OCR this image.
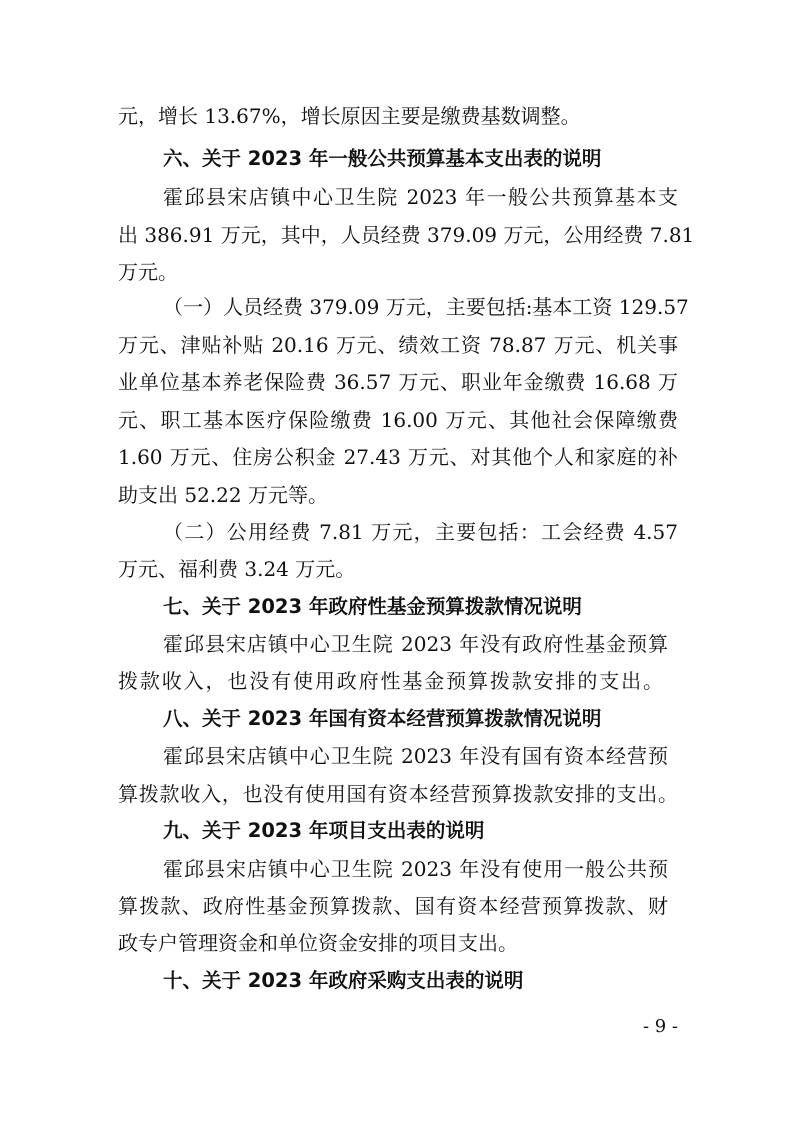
元，增长 13.67%，增长原因主要是缴费基数调整。
六、关于 2023 年一般公共预算基本支出表的说明
霍邱县宋店镇中心卫生院 2023 年一般公共预算基本支
出 386.91 万元，其中，人员经费 379.09 万元，公用经费 7.81
万元。
（一）人员经费 379.09 万元，主要包括:基本工资 129.57
万元、津贴补贴 20.16 万元、绩效工资 78.87 万元、机关事
业单位基本养老保险费 36.57 万元、职业年金缴费 16.68 万
元、职工基本医疗保险缴费 16.00 万元、其他社会保障缴费
1.60 万元、住房公积金 27.43 万元、对其他个人和家庭的补
助支出 52.22 万元等。
（二）公用经费 7.81 万元，主要包括：工会经费 4.57
万元、福利费 3.24 万元。
七、关于 2023 年政府性基金预算拨款情况说明
霍邱县宋店镇中心卫生院 2023 年没有政府性基金预算
拨款收入，也没有使用政府性基金预算拨款安排的支出。
八、关于 2023 年国有资本经营预算拨款情况说明
霍邱县宋店镇中心卫生院 2023 年没有国有资本经营预
算拨款收入，也没有使用国有资本经营预算拨款安排的支出。
九、关于 2023 年项目支出表的说明
霍邱县宋店镇中心卫生院 2023 年没有使用一般公共预
算拨款、政府性基金预算拨款、国有资本经营预算拨款、财
政专户管理资金和单位资金安排的项目支出。
十、关于 2023 年政府采购支出表的说明
- 9 -
